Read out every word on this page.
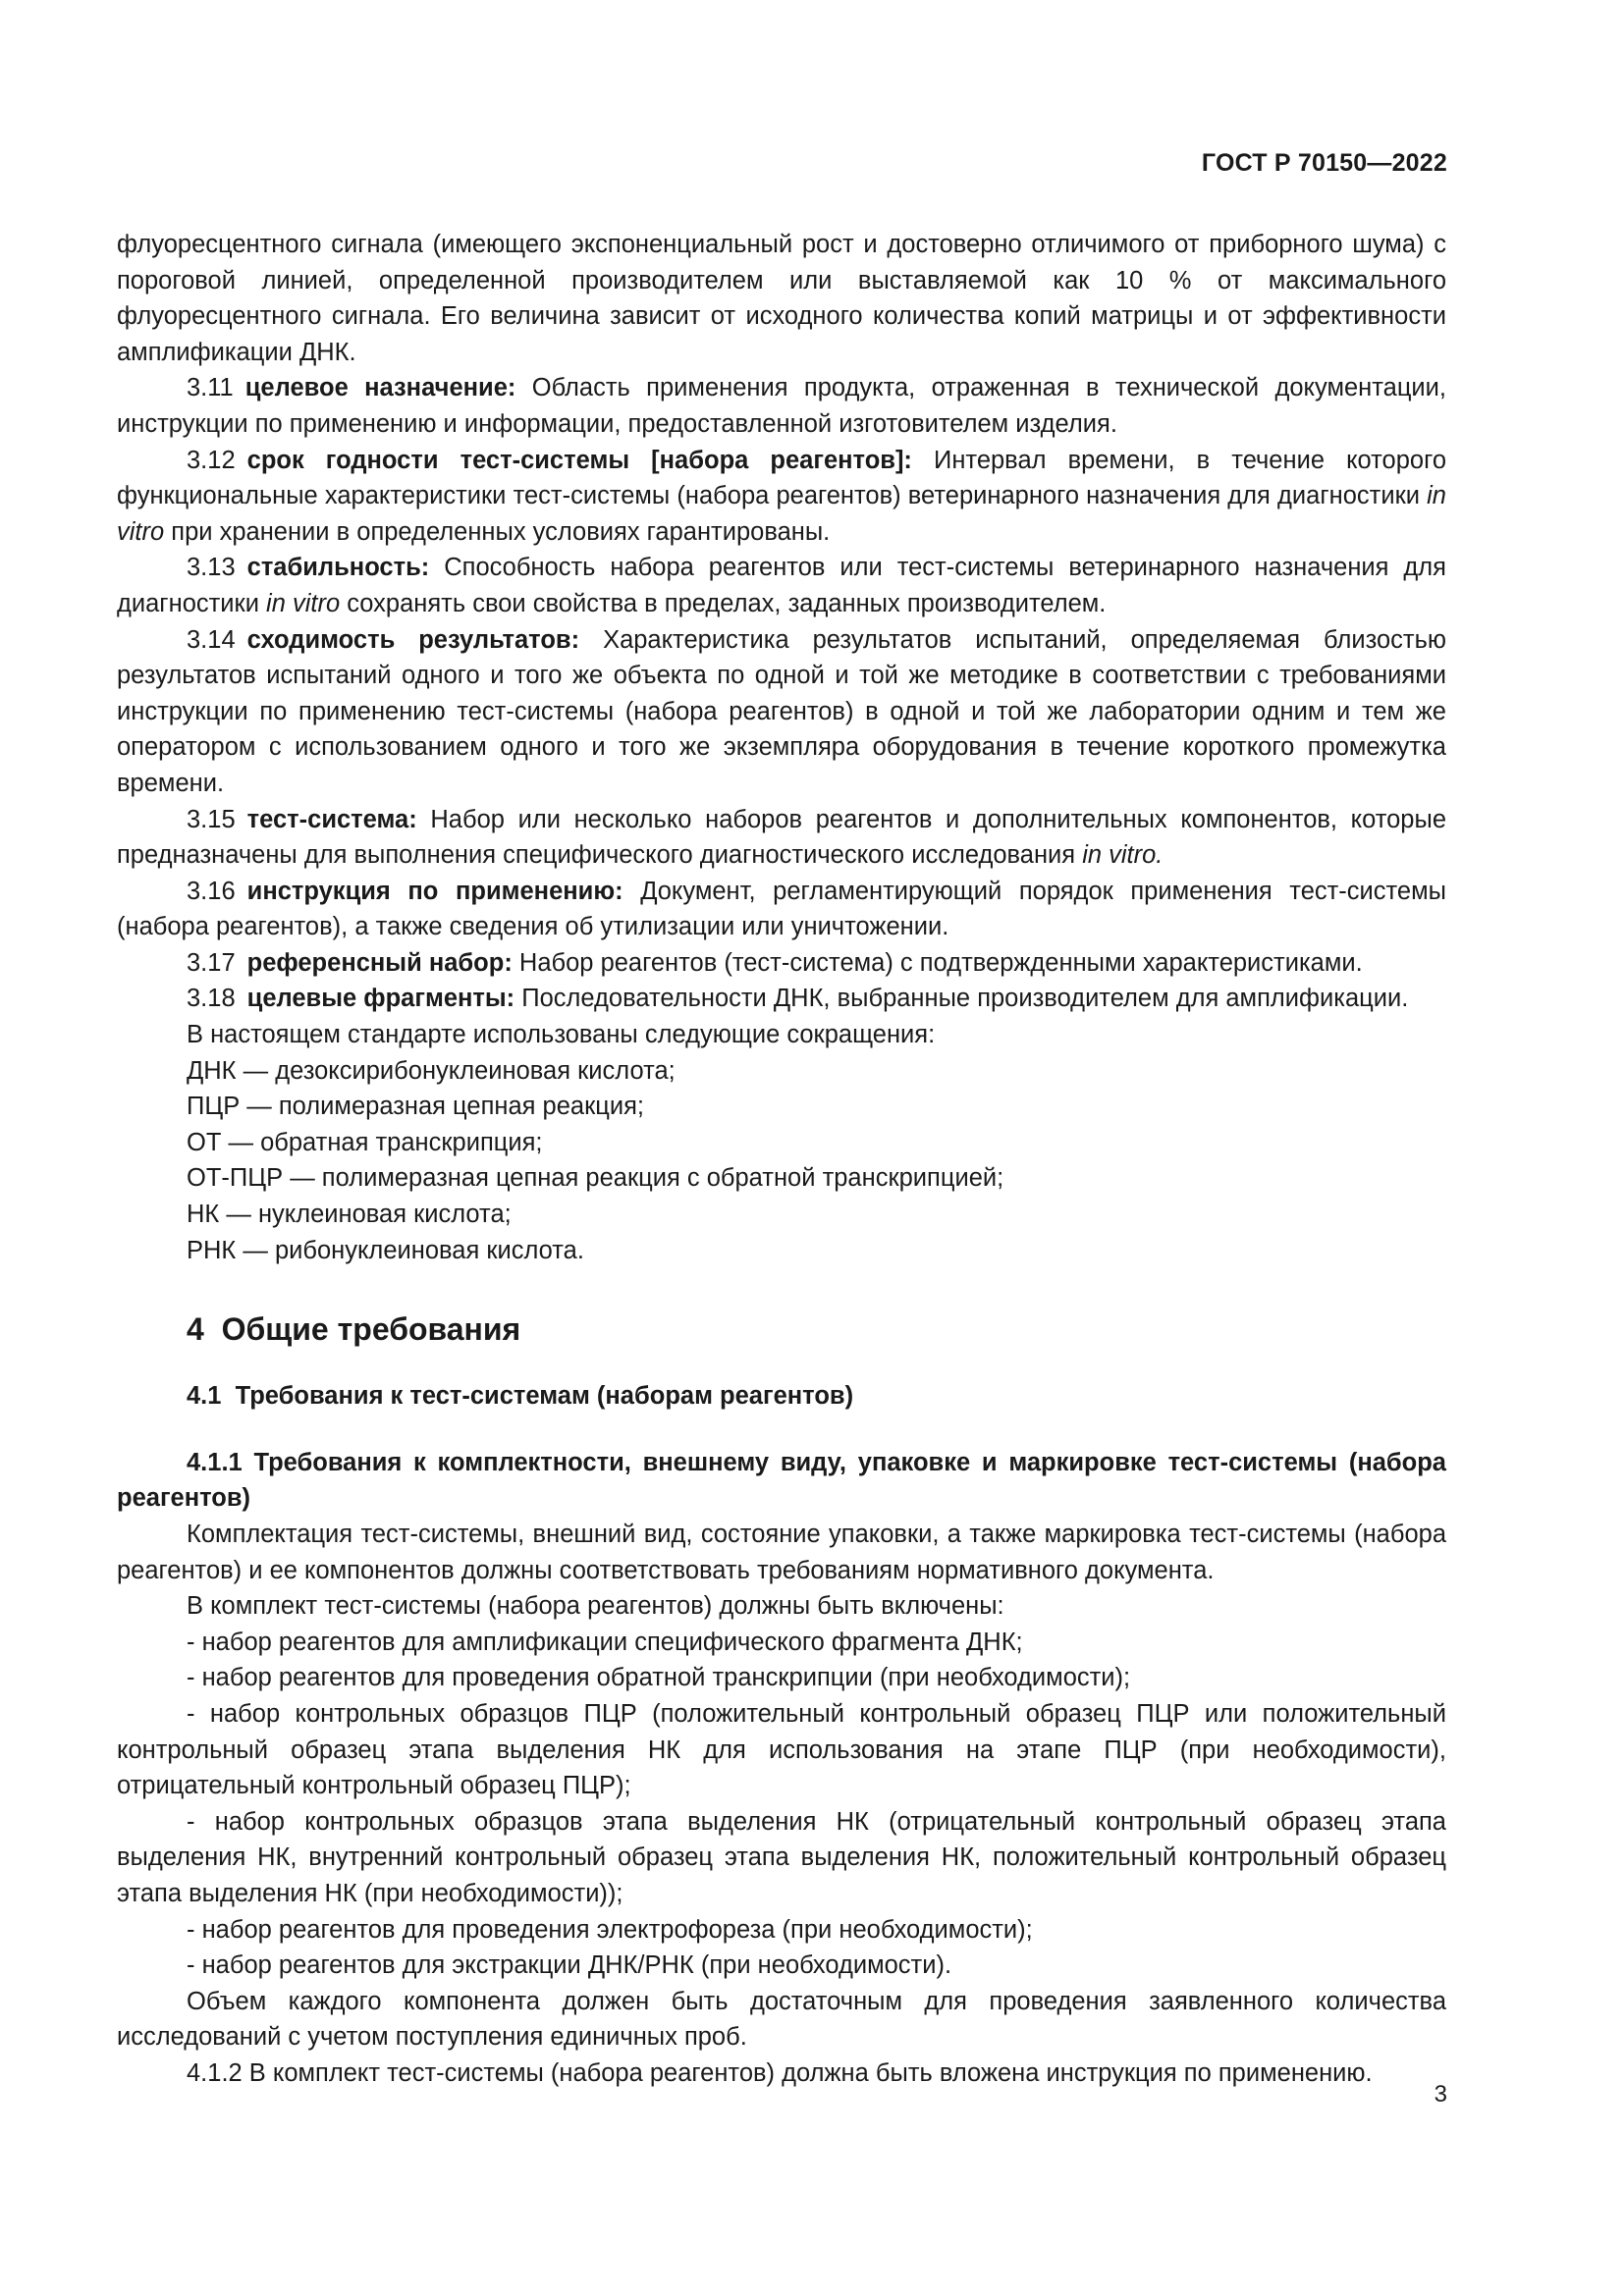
ГОСТ Р 70150—2022

флуоресцентного сигнала (имеющего экспоненциальный рост и достоверно отличимого от приборного шума) с пороговой линией, определенной производителем или выставляемой как 10 % от максимального флуоресцентного сигнала. Его величина зависит от исходного количества копий матрицы и от эффективности амплификации ДНК.

3.11 целевое назначение: Область применения продукта, отраженная в технической документации, инструкции по применению и информации, предоставленной изготовителем изделия.

3.12 срок годности тест-системы [набора реагентов]: Интервал времени, в течение которого функциональные характеристики тест-системы (набора реагентов) ветеринарного назначения для диагностики in vitro при хранении в определенных условиях гарантированы.

3.13 стабильность: Способность набора реагентов или тест-системы ветеринарного назначения для диагностики in vitro сохранять свои свойства в пределах, заданных производителем.

3.14 сходимость результатов: Характеристика результатов испытаний, определяемая близостью результатов испытаний одного и того же объекта по одной и той же методике в соответствии с требованиями инструкции по применению тест-системы (набора реагентов) в одной и той же лаборатории одним и тем же оператором с использованием одного и того же экземпляра оборудования в течение короткого промежутка времени.

3.15 тест-система: Набор или несколько наборов реагентов и дополнительных компонентов, которые предназначены для выполнения специфического диагностического исследования in vitro.

3.16 инструкция по применению: Документ, регламентирующий порядок применения тест-системы (набора реагентов), а также сведения об утилизации или уничтожении.

3.17 референсный набор: Набор реагентов (тест-система) с подтвержденными характеристиками.

3.18 целевые фрагменты: Последовательности ДНК, выбранные производителем для амплификации.

В настоящем стандарте использованы следующие сокращения:

ДНК — дезоксирибонуклеиновая кислота;

ПЦР — полимеразная цепная реакция;

ОТ — обратная транскрипция;

ОТ-ПЦР — полимеразная цепная реакция с обратной транскрипцией;

НК — нуклеиновая кислота;

РНК — рибонуклеиновая кислота.

4  Общие требования

4.1  Требования к тест-системам (наборам реагентов)

4.1.1 Требования к комплектности, внешнему виду, упаковке и маркировке тест-системы (набора реагентов)

Комплектация тест-системы, внешний вид, состояние упаковки, а также маркировка тест-системы (набора реагентов) и ее компонентов должны соответствовать требованиям нормативного документа.

В комплект тест-системы (набора реагентов) должны быть включены:

- набор реагентов для амплификации специфического фрагмента ДНК;

- набор реагентов для проведения обратной транскрипции (при необходимости);

- набор контрольных образцов ПЦР (положительный контрольный образец ПЦР или положительный контрольный образец этапа выделения НК для использования на этапе ПЦР (при необходимости), отрицательный контрольный образец ПЦР);

- набор контрольных образцов этапа выделения НК (отрицательный контрольный образец этапа выделения НК, внутренний контрольный образец этапа выделения НК, положительный контрольный образец этапа выделения НК (при необходимости));

- набор реагентов для проведения электрофореза (при необходимости);

- набор реагентов для экстракции ДНК/РНК (при необходимости).

Объем каждого компонента должен быть достаточным для проведения заявленного количества исследований с учетом поступления единичных проб.

4.1.2 В комплект тест-системы (набора реагентов) должна быть вложена инструкция по применению.

3
